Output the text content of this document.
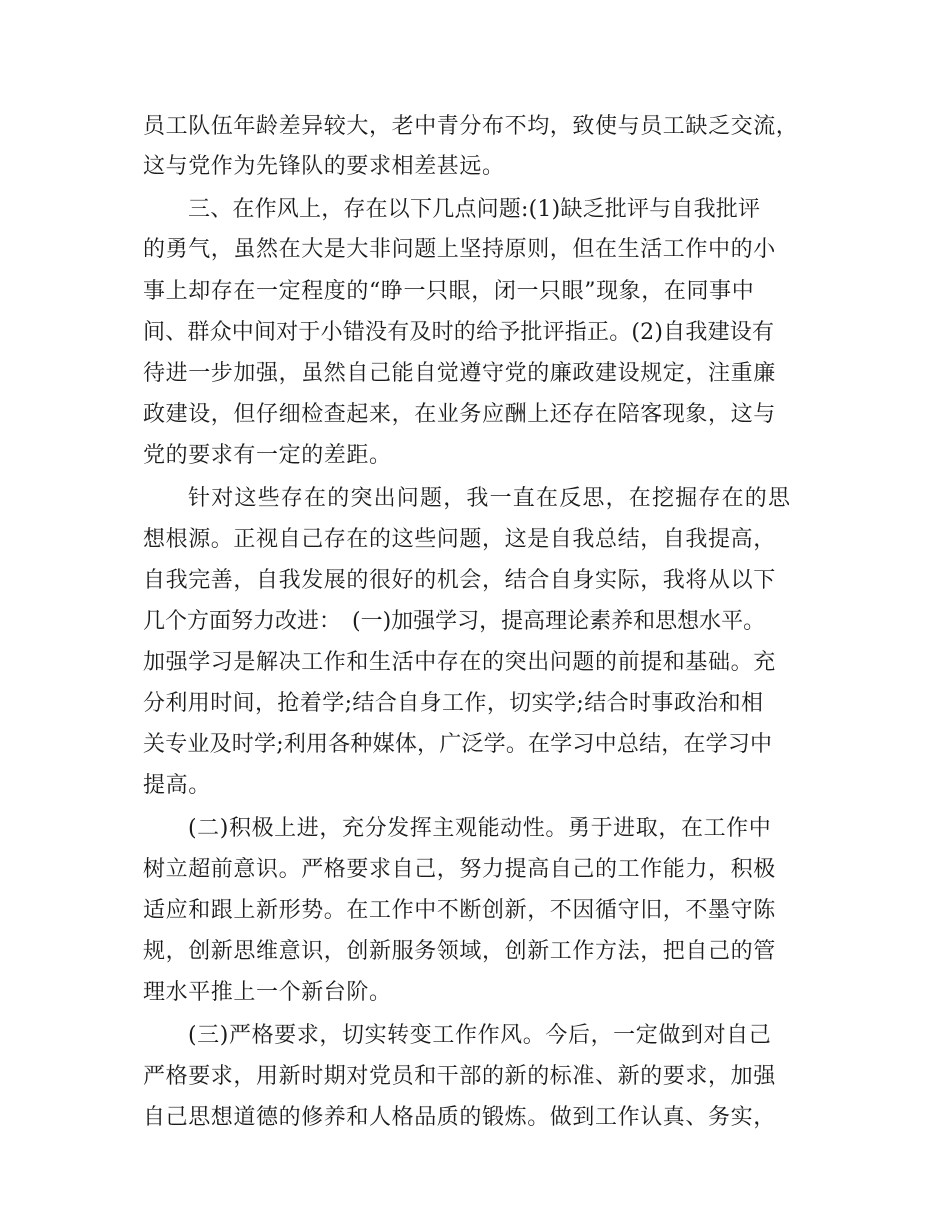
员工队伍年龄差异较大，老中青分布不均，致使与员工缺乏交流，
这与党作为先锋队的要求相差甚远。
三、在作风上，存在以下几点问题:(1)缺乏批评与自我批评
的勇气，虽然在大是大非问题上坚持原则，但在生活工作中的小
事上却存在一定程度的“睁一只眼，闭一只眼”现象，在同事中
间、群众中间对于小错没有及时的给予批评指正。(2)自我建设有
待进一步加强，虽然自己能自觉遵守党的廉政建设规定，注重廉
政建设，但仔细检查起来，在业务应酬上还存在陪客现象，这与
党的要求有一定的差距。
针对这些存在的突出问题，我一直在反思，在挖掘存在的思
想根源。正视自己存在的这些问题，这是自我总结，自我提高，
自我完善，自我发展的很好的机会，结合自身实际，我将从以下
几个方面努力改进：　(一)加强学习，提高理论素养和思想水平。
加强学习是解决工作和生活中存在的突出问题的前提和基础。充
分利用时间，抢着学;结合自身工作，切实学;结合时事政治和相
关专业及时学;利用各种媒体，广泛学。在学习中总结，在学习中
提高。
(二)积极上进，充分发挥主观能动性。勇于进取，在工作中
树立超前意识。严格要求自己，努力提高自己的工作能力，积极
适应和跟上新形势。在工作中不断创新，不因循守旧，不墨守陈
规，创新思维意识，创新服务领域，创新工作方法，把自己的管
理水平推上一个新台阶。
(三)严格要求，切实转变工作作风。今后，一定做到对自己
严格要求，用新时期对党员和干部的新的标准、新的要求，加强
自己思想道德的修养和人格品质的锻炼。做到工作认真、务实，
